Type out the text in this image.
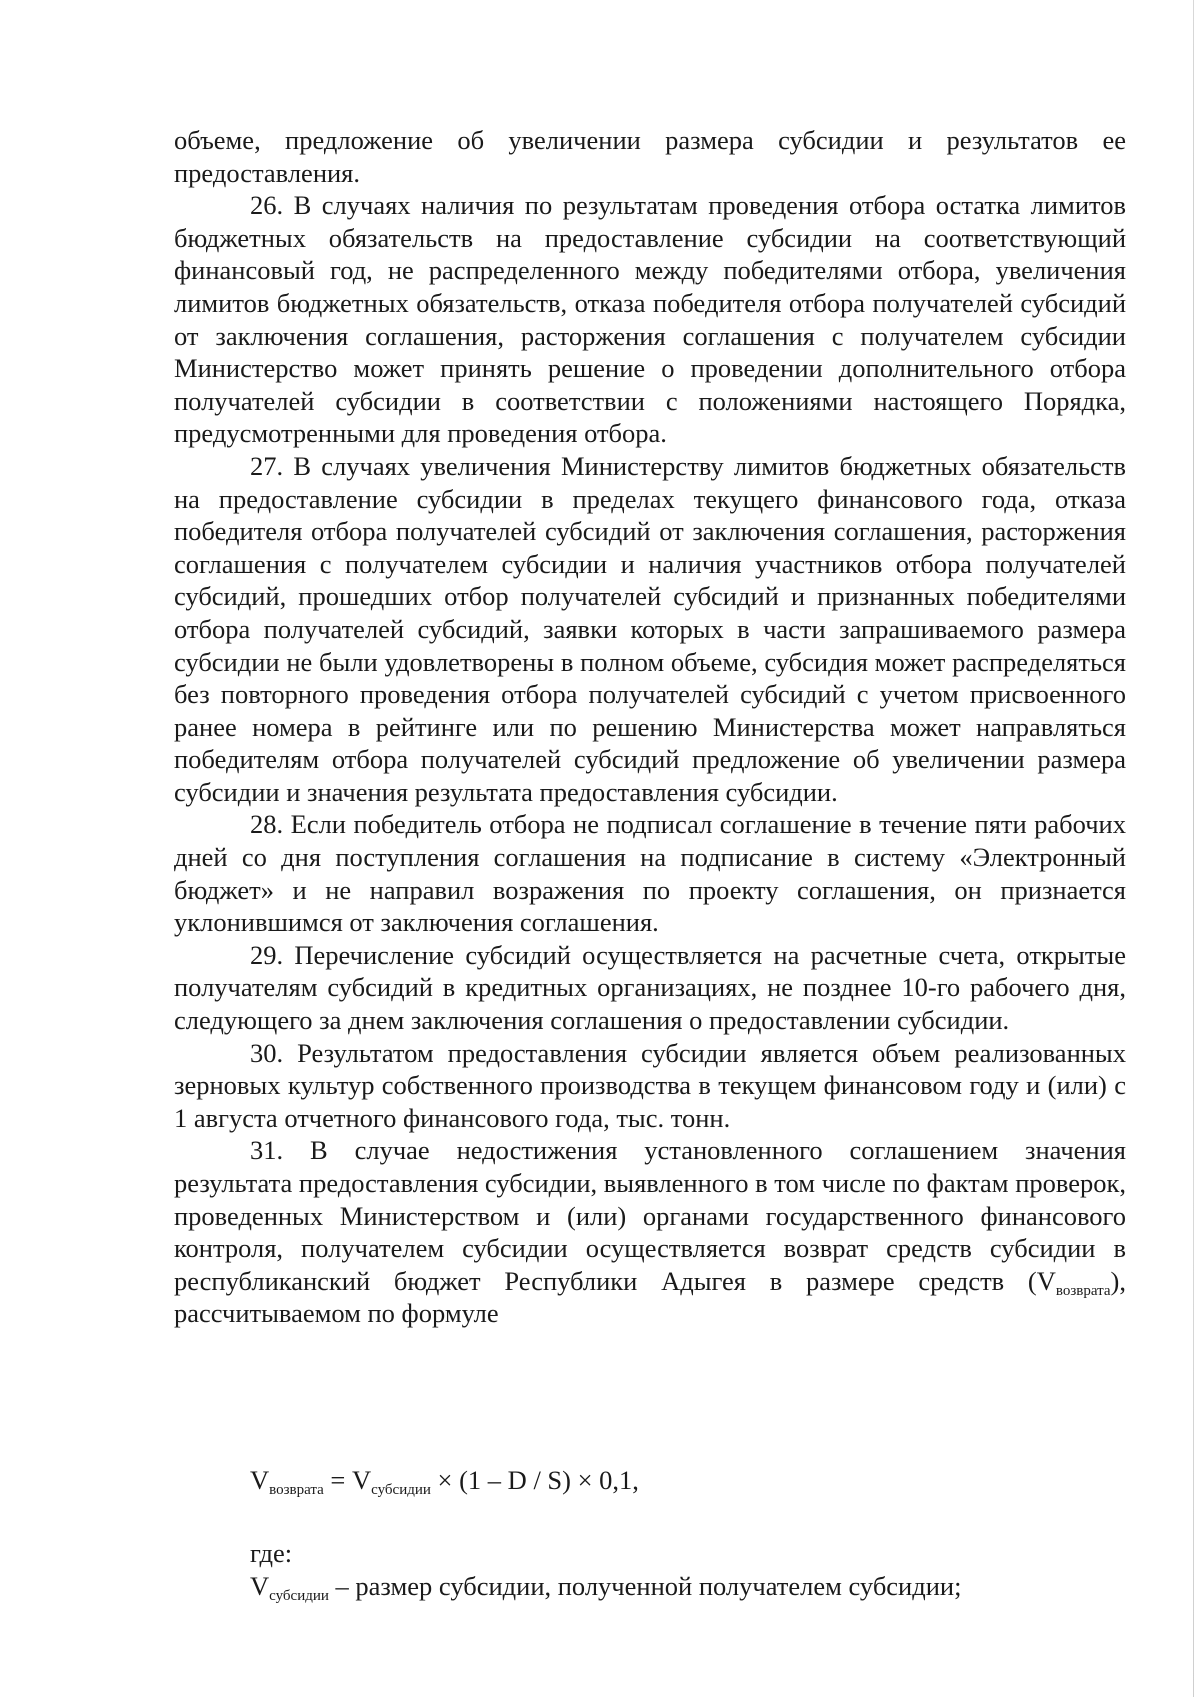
объеме, предложение об увеличении размера субсидии и результатов ее предоставления.

26. В случаях наличия по результатам проведения отбора остатка лимитов бюджетных обязательств на предоставление субсидии на соответствующий финансовый год, не распределенного между победителями отбора, увеличения лимитов бюджетных обязательств, отказа победителя отбора получателей субсидий от заключения соглашения, расторжения соглашения с получателем субсидии Министерство может принять решение о проведении дополнительного отбора получателей субсидии в соответствии с положениями настоящего Порядка, предусмотренными для проведения отбора.

27. В случаях увеличения Министерству лимитов бюджетных обязательств на предоставление субсидии в пределах текущего финансового года, отказа победителя отбора получателей субсидий от заключения соглашения, расторжения соглашения с получателем субсидии и наличия участников отбора получателей субсидий, прошедших отбор получателей субсидий и признанных победителями отбора получателей субсидий, заявки которых в части запрашиваемого размера субсидии не были удовлетворены в полном объеме, субсидия может распределяться без повторного проведения отбора получателей субсидий с учетом присвоенного ранее номера в рейтинге или по решению Министерства может направляться победителям отбора получателей субсидий предложение об увеличении размера субсидии и значения результата предоставления субсидии.

28. Если победитель отбора не подписал соглашение в течение пяти рабочих дней со дня поступления соглашения на подписание в систему «Электронный бюджет» и не направил возражения по проекту соглашения, он признается уклонившимся от заключения соглашения.

29. Перечисление субсидий осуществляется на расчетные счета, открытые получателям субсидий в кредитных организациях, не позднее 10-го рабочего дня, следующего за днем заключения соглашения о предоставлении субсидии.

30. Результатом предоставления субсидии является объем реализованных зерновых культур собственного производства в текущем финансовом году и (или) с 1 августа отчетного финансового года, тыс. тонн.

31. В случае недостижения установленного соглашением значения результата предоставления субсидии, выявленного в том числе по фактам проверок, проведенных Министерством и (или) органами государственного финансового контроля, получателем субсидии осуществляется возврат средств субсидии в республиканский бюджет Республики Адыгея в размере средств $(V_{возврата})$, рассчитываемом по формуле

$V_{возврата} = V_{субсидии} \times (1 - D / S) \times 0,1$,
где:
$V_{субсидии}$ – размер субсидии, полученной получателем субсидии;
